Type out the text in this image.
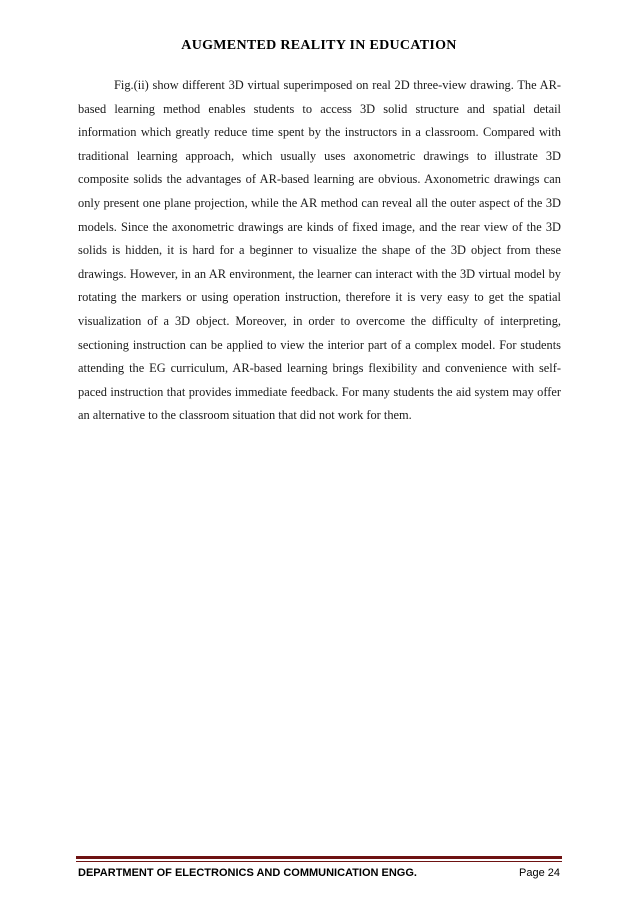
AUGMENTED REALITY IN EDUCATION

Fig.(ii) show different 3D virtual superimposed on real 2D three-view drawing. The AR-based learning method enables students to access 3D solid structure and spatial detail information which greatly reduce time spent by the instructors in a classroom. Compared with traditional learning approach, which usually uses axonometric drawings to illustrate 3D composite solids the advantages of AR-based learning are obvious. Axonometric drawings can only present one plane projection, while the AR method can reveal all the outer aspect of the 3D models. Since the axonometric drawings are kinds of fixed image, and the rear view of the 3D solids is hidden, it is hard for a beginner to visualize the shape of the 3D object from these drawings. However, in an AR environment, the learner can interact with the 3D virtual model by rotating the markers or using operation instruction, therefore it is very easy to get the spatial visualization of a 3D object. Moreover, in order to overcome the difficulty of interpreting, sectioning instruction can be applied to view the interior part of a complex model. For students attending the EG curriculum, AR-based learning brings flexibility and convenience with self-paced instruction that provides immediate feedback. For many students the aid system may offer an alternative to the classroom situation that did not work for them.

DEPARTMENT OF ELECTRONICS AND COMMUNICATION ENGG.	Page 24
